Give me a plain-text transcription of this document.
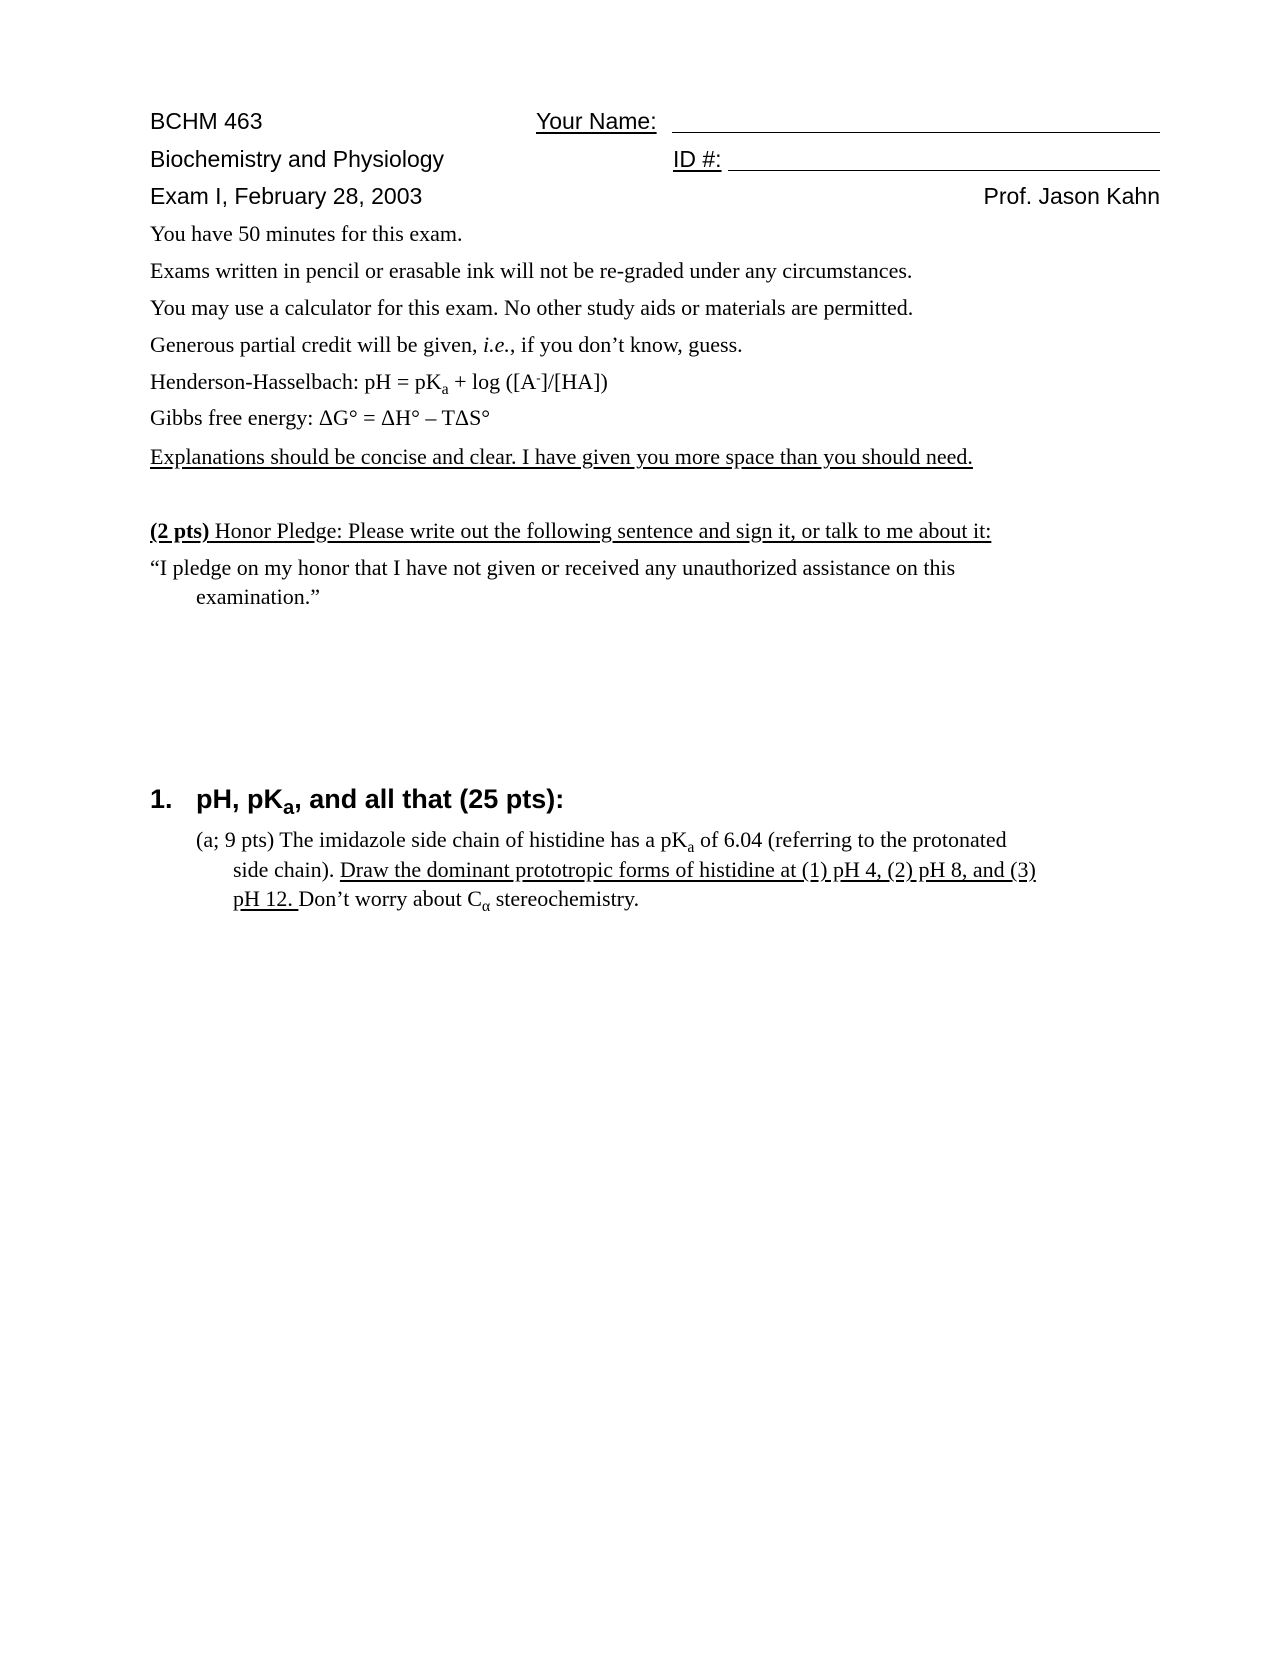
BCHM 463	Your Name:
Biochemistry and Physiology	ID #:
Exam I, February 28, 2003	Prof. Jason Kahn
You have 50 minutes for this exam.
Exams written in pencil or erasable ink will not be re-graded under any circumstances.
You may use a calculator for this exam. No other study aids or materials are permitted.
Generous partial credit will be given, i.e., if you don’t know, guess.
Henderson-Hasselbach: pH = $pK_a + \log ([A^-]/[HA])$
Gibbs free energy: ΔG° = ΔH° – TΔS°
Explanations should be concise and clear. I have given you more space than you should need.
(2 pts) Honor Pledge: Please write out the following sentence and sign it, or talk to me about it:
“I pledge on my honor that I have not given or received any unauthorized assistance on this
examination.”
1. pH, $pK_a$, and all that (25 pts):
(a; 9 pts) The imidazole side chain of histidine has a $pK_a$ of 6.04 (referring to the protonated
side chain). Draw the dominant prototropic forms of histidine at (1) pH 4, (2) pH 8, and (3)
pH 12. Don’t worry about $C_\alpha$ stereochemistry.
